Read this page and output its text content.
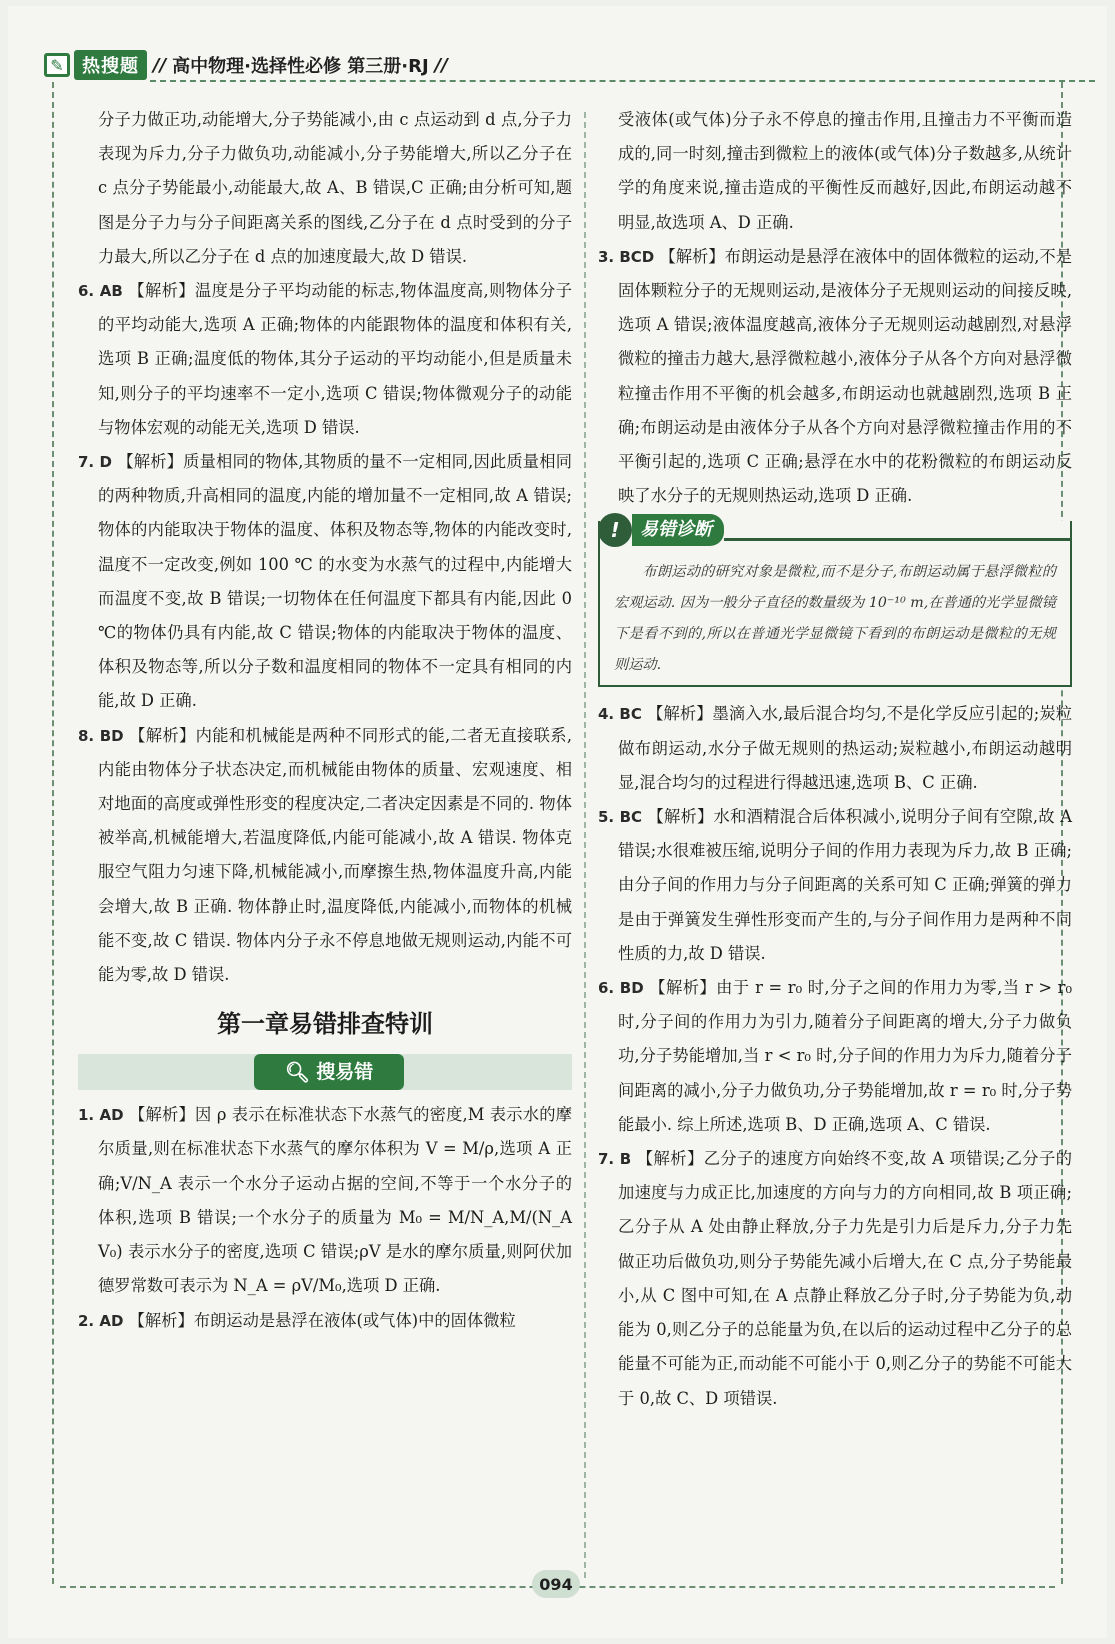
✎	热搜题 // 高中物理·选择性必修 第三册·RJ //

分子力做正功,动能增大,分子势能减小,由 c 点运动到 d 点,分子力表现为斥力,分子力做负功,动能减小,分子势能增大,所以乙分子在 c 点分子势能最小,动能最大,故 A、B 错误,C 正确;由分析可知,题图是分子力与分子间距离关系的图线,乙分子在 d 点时受到的分子力最大,所以乙分子在 d 点的加速度最大,故 D 错误.

6. AB 【解析】温度是分子平均动能的标志,物体温度高,则物体分子的平均动能大,选项 A 正确;物体的内能跟物体的温度和体积有关,选项 B 正确;温度低的物体,其分子运动的平均动能小,但是质量未知,则分子的平均速率不一定小,选项 C 错误;物体微观分子的动能与物体宏观的动能无关,选项 D 错误.

7. D 【解析】质量相同的物体,其物质的量不一定相同,因此质量相同的两种物质,升高相同的温度,内能的增加量不一定相同,故 A 错误;物体的内能取决于物体的温度、体积及物态等,物体的内能改变时,温度不一定改变,例如 100 ℃ 的水变为水蒸气的过程中,内能增大而温度不变,故 B 错误;一切物体在任何温度下都具有内能,因此 0 ℃的物体仍具有内能,故 C 错误;物体的内能取决于物体的温度、体积及物态等,所以分子数和温度相同的物体不一定具有相同的内能,故 D 正确.

8. BD 【解析】内能和机械能是两种不同形式的能,二者无直接联系,内能由物体分子状态决定,而机械能由物体的质量、宏观速度、相对地面的高度或弹性形变的程度决定,二者决定因素是不同的. 物体被举高,机械能增大,若温度降低,内能可能减小,故 A 错误. 物体克服空气阻力匀速下降,机械能减小,而摩擦生热,物体温度升高,内能会增大,故 B 正确. 物体静止时,温度降低,内能减小,而物体的机械能不变,故 C 错误. 物体内分子永不停息地做无规则运动,内能不可能为零,故 D 错误.

第一章易错排查特训
🔍︎ 搜易错

1. AD 【解析】因 ρ 表示在标准状态下水蒸气的密度,M 表示水的摩尔质量,则在标准状态下水蒸气的摩尔体积为 V = M/ρ,选项 A 正确;V/N_A 表示一个水分子运动占据的空间,不等于一个水分子的体积,选项 B 错误;一个水分子的质量为 M₀ = M/N_A,M/(N_A V₀) 表示水分子的密度,选项 C 错误;ρV 是水的摩尔质量,则阿伏加德罗常数可表示为 N_A = ρV/M₀,选项 D 正确.

2. AD 【解析】布朗运动是悬浮在液体(或气体)中的固体微粒

受液体(或气体)分子永不停息的撞击作用,且撞击力不平衡而造成的,同一时刻,撞击到微粒上的液体(或气体)分子数越多,从统计学的角度来说,撞击造成的平衡性反而越好,因此,布朗运动越不明显,故选项 A、D 正确.

3. BCD 【解析】布朗运动是悬浮在液体中的固体微粒的运动,不是固体颗粒分子的无规则运动,是液体分子无规则运动的间接反映,选项 A 错误;液体温度越高,液体分子无规则运动越剧烈,对悬浮微粒的撞击力越大,悬浮微粒越小,液体分子从各个方向对悬浮微粒撞击作用不平衡的机会越多,布朗运动也就越剧烈,选项 B 正确;布朗运动是由液体分子从各个方向对悬浮微粒撞击作用的不平衡引起的,选项 C 正确;悬浮在水中的花粉微粒的布朗运动反映了水分子的无规则热运动,选项 D 正确.

!	易错诊断
布朗运动的研究对象是微粒,而不是分子,布朗运动属于悬浮微粒的宏观运动. 因为一般分子直径的数量级为 10⁻¹⁰ m,在普通的光学显微镜下是看不到的,所以在普通光学显微镜下看到的布朗运动是微粒的无规则运动.

4. BC 【解析】墨滴入水,最后混合均匀,不是化学反应引起的;炭粒做布朗运动,水分子做无规则的热运动;炭粒越小,布朗运动越明显,混合均匀的过程进行得越迅速,选项 B、C 正确.

5. BC 【解析】水和酒精混合后体积减小,说明分子间有空隙,故 A 错误;水很难被压缩,说明分子间的作用力表现为斥力,故 B 正确;由分子间的作用力与分子间距离的关系可知 C 正确;弹簧的弹力是由于弹簧发生弹性形变而产生的,与分子间作用力是两种不同性质的力,故 D 错误.

6. BD 【解析】由于 r = r₀ 时,分子之间的作用力为零,当 r > r₀ 时,分子间的作用力为引力,随着分子间距离的增大,分子力做负功,分子势能增加,当 r < r₀ 时,分子间的作用力为斥力,随着分子间距离的减小,分子力做负功,分子势能增加,故 r = r₀ 时,分子势能最小. 综上所述,选项 B、D 正确,选项 A、C 错误.

7. B 【解析】乙分子的速度方向始终不变,故 A 项错误;乙分子的加速度与力成正比,加速度的方向与力的方向相同,故 B 项正确;乙分子从 A 处由静止释放,分子力先是引力后是斥力,分子力先做正功后做负功,则分子势能先减小后增大,在 C 点,分子势能最小,从 C 图中可知,在 A 点静止释放乙分子时,分子势能为负,动能为 0,则乙分子的总能量为负,在以后的运动过程中乙分子的总能量不可能为正,而动能不可能小于 0,则乙分子的势能不可能大于 0,故 C、D 项错误.

094
